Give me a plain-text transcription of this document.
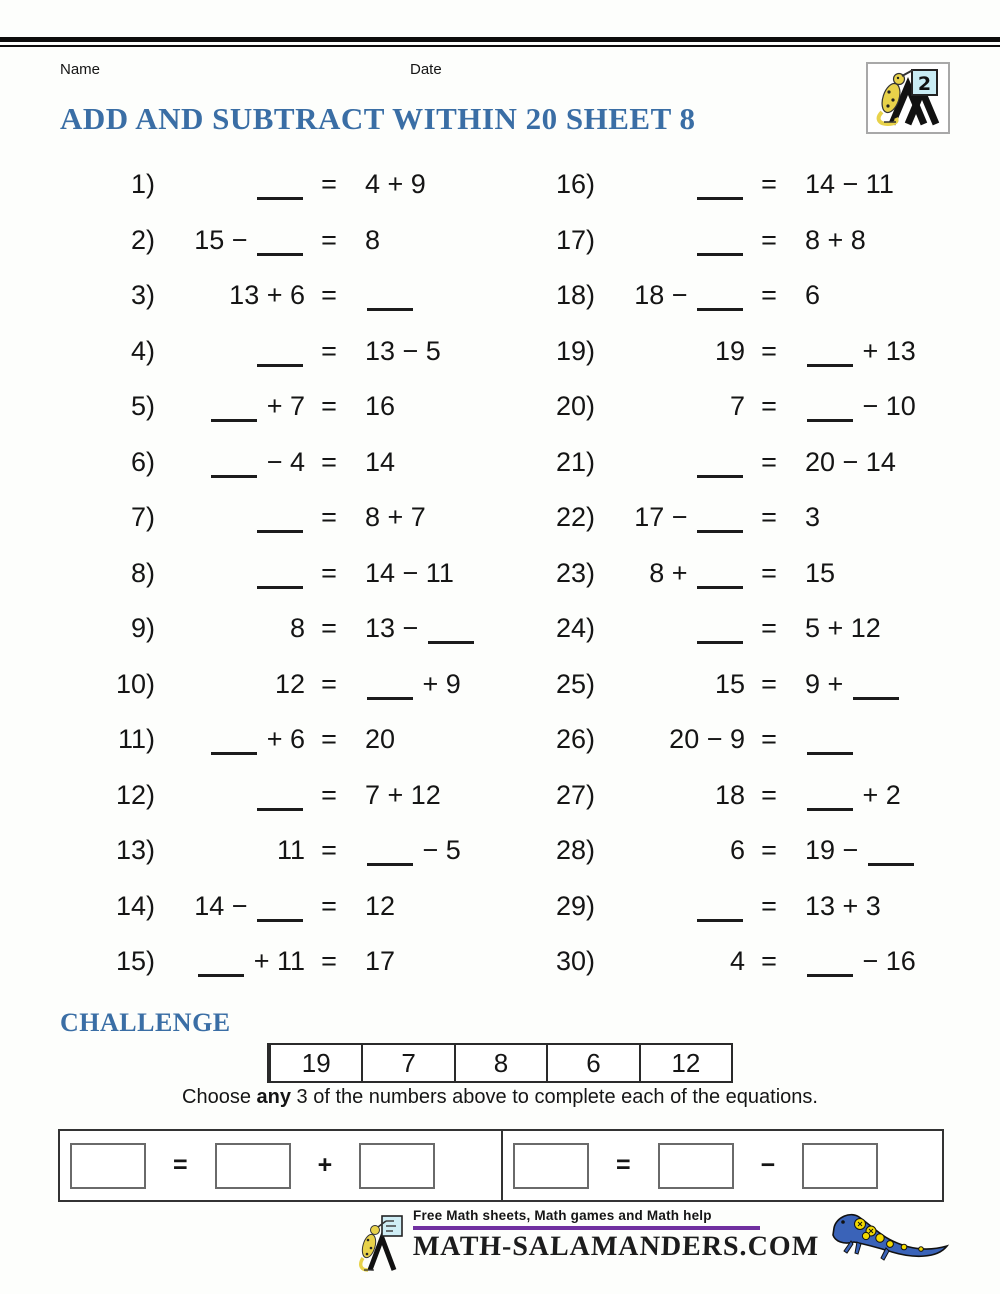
Name	Date
2
ADD AND SUBTRACT WITHIN 20 SHEET 8
1)	=	4 + 9
2)	15 −	=	8
3)	13 + 6 =
4)	=	13 − 5
5)	+ 7 =	16
6)	− 4 =	14
7)	=	8 + 7
8)	=	14 − 11
9)	8 =	13 −
10)	12 =	+ 9
11)	+ 6 =	20
12)	=	7 + 12
13)	11 =	− 5
14)	14 −	=	12
15)	+ 11 =	17
16)	=	14 − 11
17)	=	8 + 8
18)	18 −	=	6
19)	19 =	+ 13
20)	7 =	− 10
21)	=	20 − 14
22)	17 −	=	3
23)	8 +	=	15
24)	=	5 + 12
25)	15 =	9 +
26)	20 − 9 =
27)	18 =	+ 2
28)	6 =	19 −
29)	=	13 + 3
30)	4 =	− 16
CHALLENGE
19	7	8	6	12
Choose any 3 of the numbers above to complete each of the equations.
=	+	=	−
Free Math sheets, Math games and Math help
MATH-SALAMANDERS.COM
